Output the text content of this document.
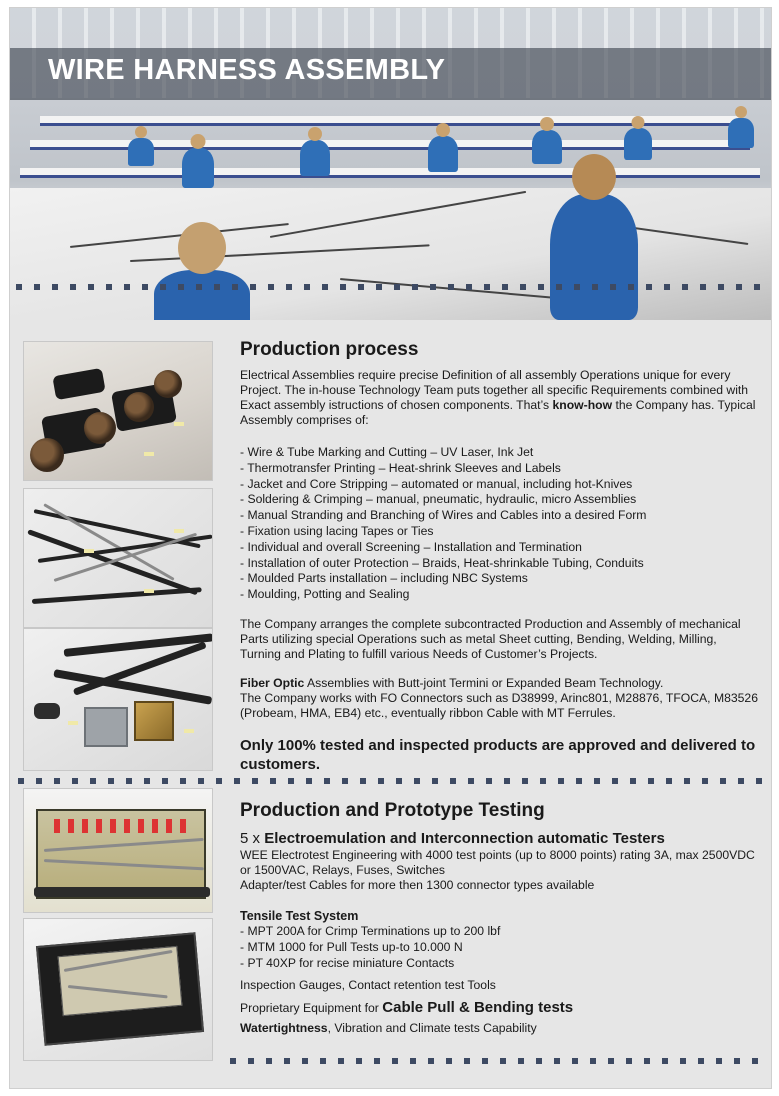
WIRE HARNESS ASSEMBLY
Production process

Electrical Assemblies require precise Definition of all assembly Operations unique for every Project. The in-house Technology Team puts together all specific Requirements combined with Exact assembly istructions of chosen components. That’s know-how the Company has. Typical Assembly comprises of:

- Wire & Tube Marking and Cutting – UV Laser, Ink Jet
- Thermotransfer Printing – Heat-shrink Sleeves and Labels
- Jacket and Core Stripping – automated or manual, including hot-Knives
- Soldering & Crimping – manual, pneumatic, hydraulic, micro Assemblies
- Manual Stranding and Branching of Wires and Cables into a desired Form
- Fixation using lacing Tapes or Ties
- Individual and overall Screening – Installation and Termination
- Installation of outer Protection – Braids, Heat-shrinkable Tubing, Conduits
- Moulded Parts installation – including NBC Systems
- Moulding, Potting and Sealing

The Company arranges the complete subcontracted Production and Assembly of mechanical Parts utilizing special Operations such as metal Sheet cutting, Bending, Welding, Milling, Turning and Plating to fulfill various Needs of Customer’s Projects.

Fiber Optic Assemblies with Butt-joint Termini or Expanded Beam Technology.

The Company works with FO Connectors such as D38999, Arinc801, M28876, TFOCA, M83526 (Probeam, HMA, EB4) etc., eventually ribbon Cable with MT Ferrules.

Only 100% tested and inspected products are approved and delivered to customers.

Production and Prototype Testing

5 x Electroemulation and Interconnection automatic Testers

WEE Electrotest Engineering with 4000 test points (up to 8000 points) rating 3A, max 2500VDC or 1500VAC, Relays, Fuses, Switches

Adapter/test Cables for more then 1300 connector types available

Tensile Test System

- MPT 200A for Crimp Terminations up to 200 lbf
- MTM 1000 for Pull Tests up-to 10.000 N
- PT 40XP for recise miniature Contacts

Inspection Gauges, Contact retention test Tools

Proprietary Equipment for Cable Pull & Bending tests

Watertightness, Vibration and Climate tests Capability
